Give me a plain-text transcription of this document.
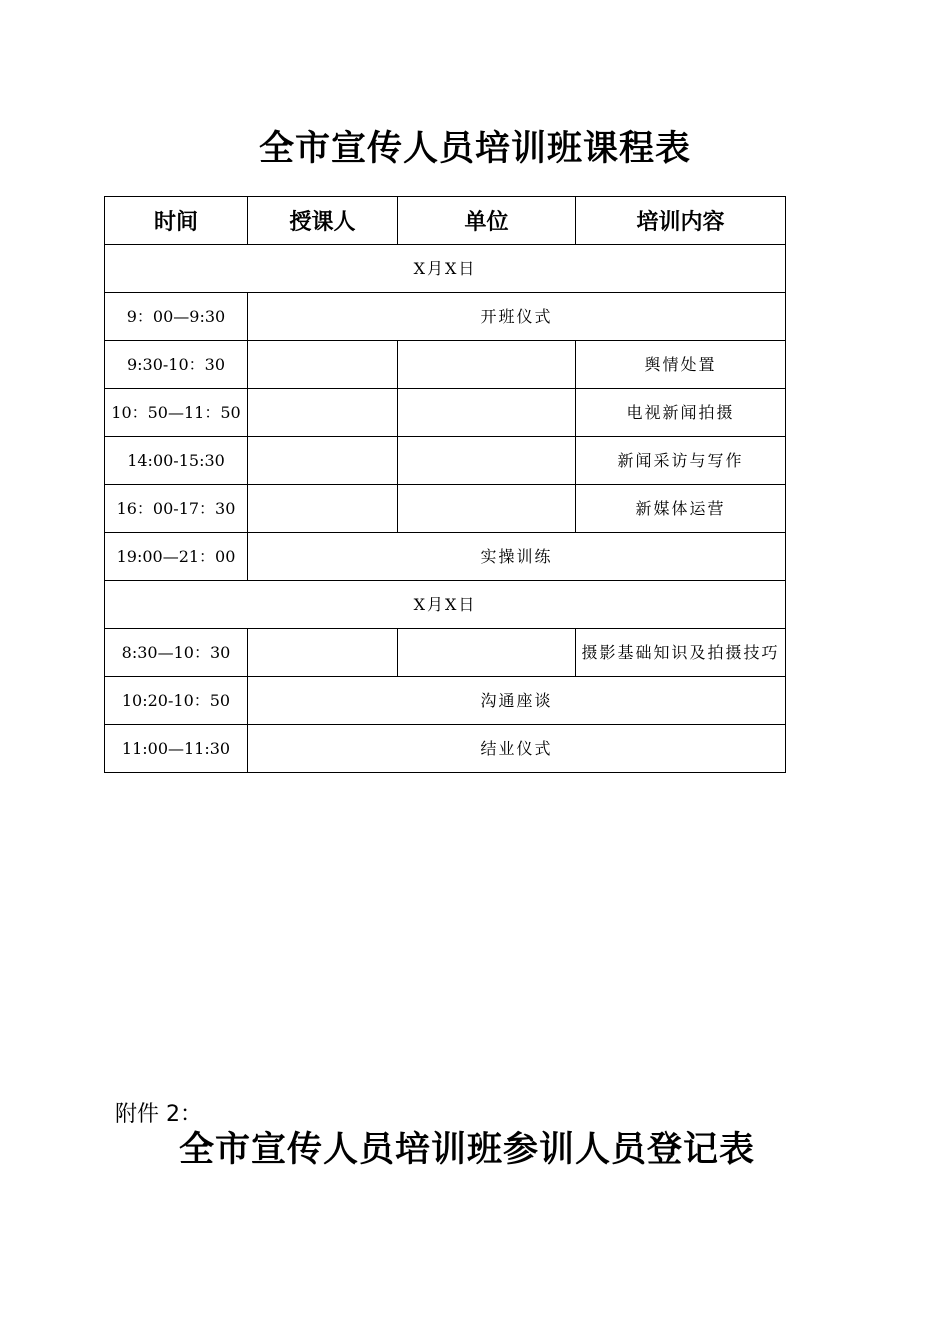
全市宣传人员培训班课程表
时间	授课人	单位	培训内容
X月X日			
9：00—9:30	开班仪式		
9:30-10：30			舆情处置
10：50—11：50			电视新闻拍摄
14:00-15:30			新闻采访与写作
16：00-17：30			新媒体运营
19:00—21：00	实操训练		
X月X日			
8:30—10：30			摄影基础知识及拍摄技巧
10:20-10：50	沟通座谈		
11:00—11:30	结业仪式		

附件 2：

全市宣传人员培训班参训人员登记表
